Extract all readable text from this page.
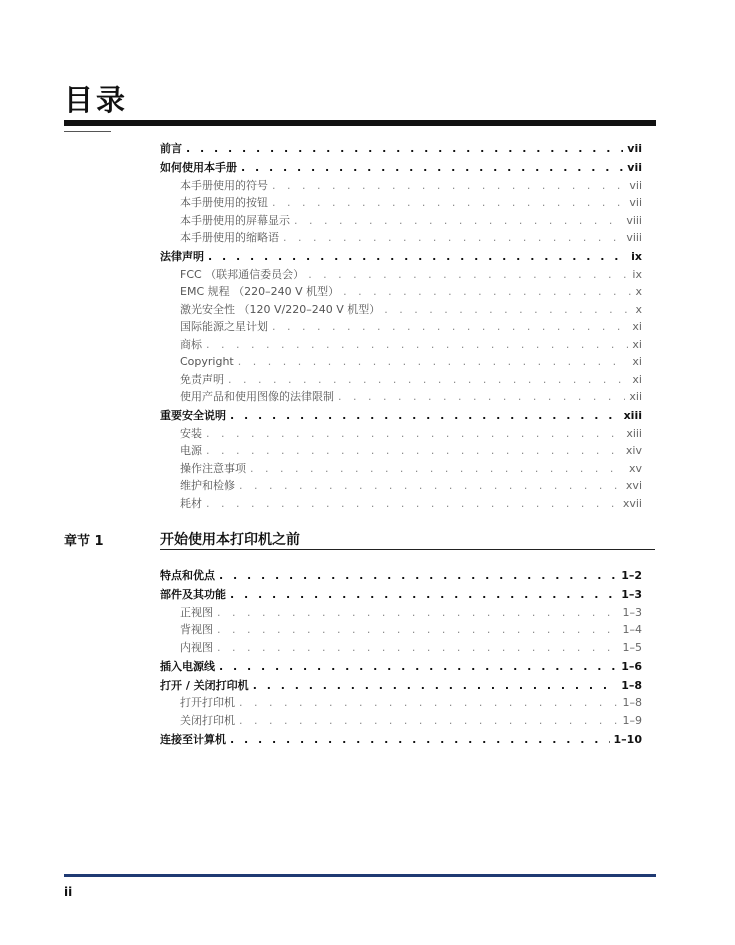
目录
前言 . . .	vii
如何使用本手册 . . .	vii
本手册使用的符号 . . .	vii
本手册使用的按钮 . . .	vii
本手册使用的屏幕显示 . . .	viii
本手册使用的缩略语 . . .	viii
法律声明 . . .	ix
FCC （联邦通信委员会） . . .	ix
EMC 规程 （220–240 V 机型） . . .	x
激光安全性 （120 V/220–240 V 机型） . . .	x
国际能源之星计划 . . .	xi
商标 . . .	xi
Copyright . . .	xi
免责声明 . . .	xi
使用产品和使用图像的法律限制 . . .	xii
重要安全说明 . . .	xiii
安装 . . .	xiii
电源 . . .	xiv
操作注意事项 . . .	xv
维护和检修 . . .	xvi
耗材 . . .	xvii
章节 1	开始使用本打印机之前
特点和优点 . . .	1–2
部件及其功能 . . .	1–3
正视图 . . .	1–3
背视图 . . .	1–4
内视图 . . .	1–5
插入电源线 . . .	1–6
打开 / 关闭打印机 . . .	1–8
打开打印机 . . .	1–8
关闭打印机 . . .	1–9
连接至计算机 . . .	1–10
ii
